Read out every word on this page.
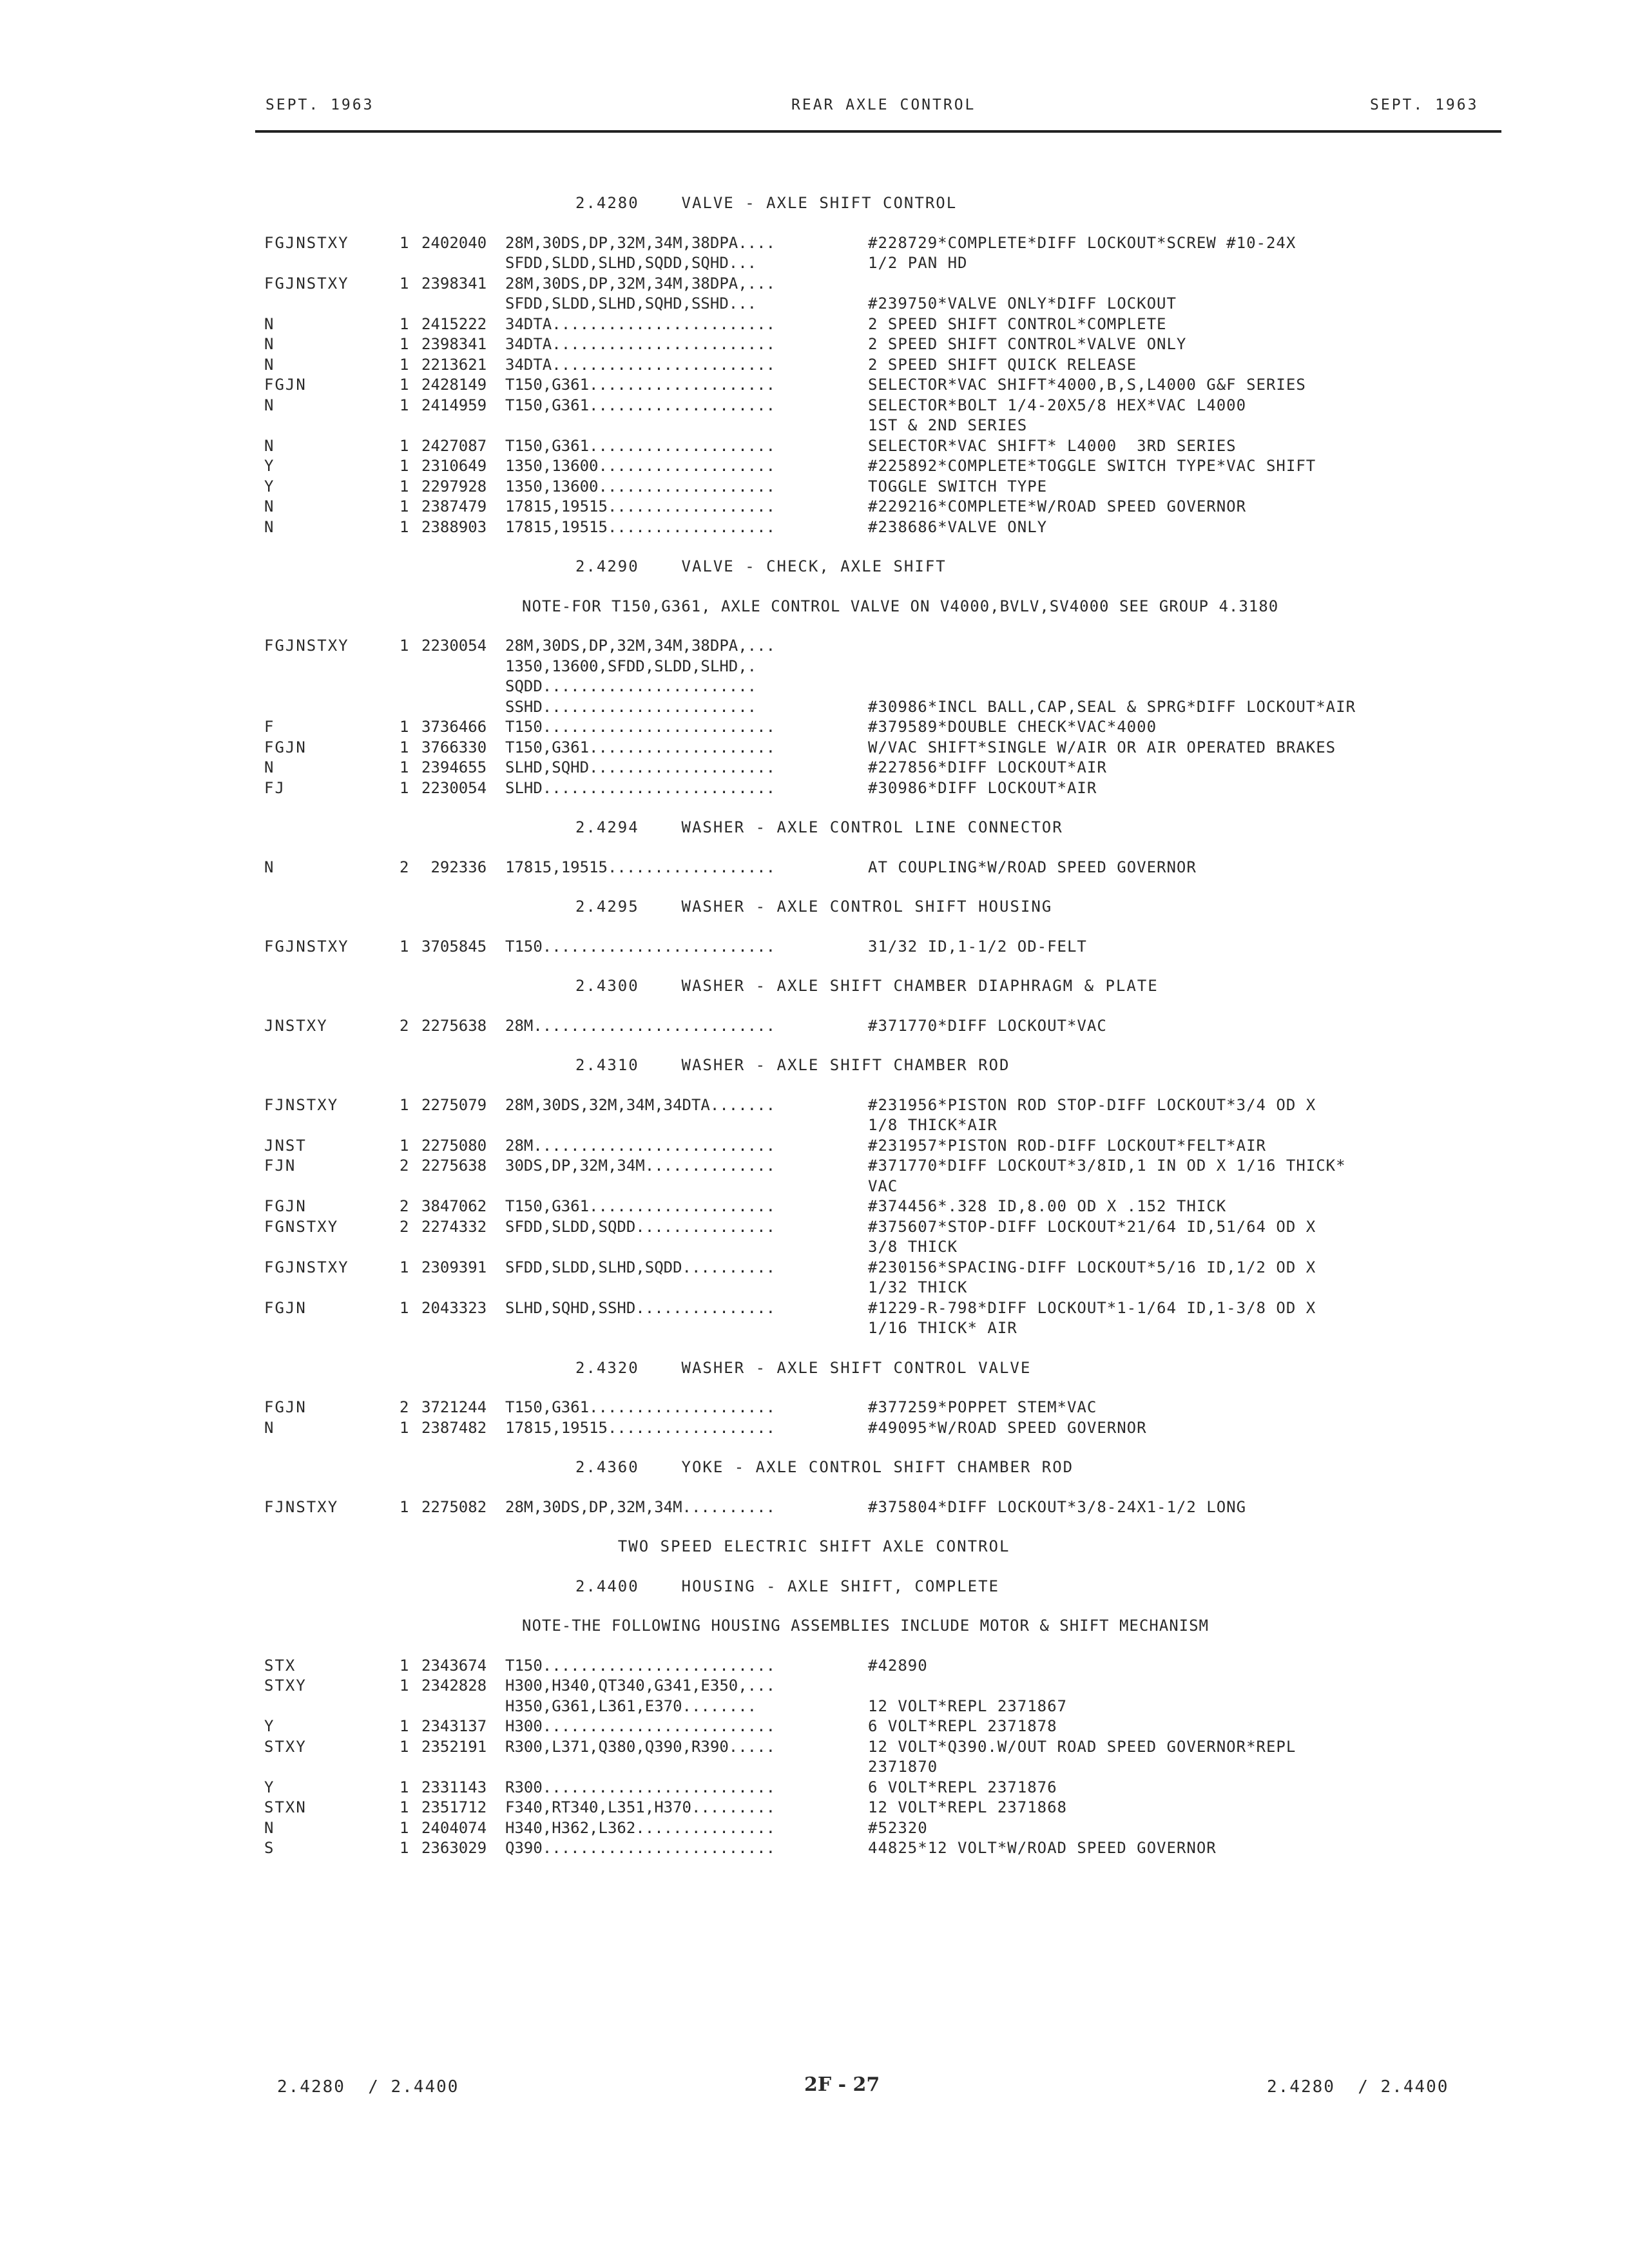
SEPT. 1963	REAR AXLE CONTROL	SEPT. 1963
2.4280    VALVE - AXLE SHIFT CONTROL
FGJNSTXY	1 2402040 28M,30DS,DP,32M,34M,38DPA....	#228729*COMPLETE*DIFF LOCKOUT*SCREW #10-24X
SFDD,SLDD,SLHD,SQDD,SQHD...	1/2 PAN HD
FGJNSTXY	1 2398341 28M,30DS,DP,32M,34M,38DPA,...
SFDD,SLDD,SLHD,SQHD,SSHD...	#239750*VALVE ONLY*DIFF LOCKOUT
N	1 2415222 34DTA........................	2 SPEED SHIFT CONTROL*COMPLETE
N	1 2398341 34DTA........................	2 SPEED SHIFT CONTROL*VALVE ONLY
N	1 2213621 34DTA........................	2 SPEED SHIFT QUICK RELEASE
FGJN	1 2428149 T150,G361....................	SELECTOR*VAC SHIFT*4000,B,S,L4000 G&F SERIES
N	1 2414959 T150,G361....................	SELECTOR*BOLT 1/4-20X5/8 HEX*VAC L4000
1ST & 2ND SERIES
N	1 2427087 T150,G361....................	SELECTOR*VAC SHIFT* L4000  3RD SERIES
Y	1 2310649 1350,13600...................	#225892*COMPLETE*TOGGLE SWITCH TYPE*VAC SHIFT
Y	1 2297928 1350,13600...................	TOGGLE SWITCH TYPE
N	1 2387479 17815,19515..................	#229216*COMPLETE*W/ROAD SPEED GOVERNOR
N	1 2388903 17815,19515..................	#238686*VALVE ONLY
2.4290    VALVE - CHECK, AXLE SHIFT
NOTE-FOR T150,G361, AXLE CONTROL VALVE ON V4000,BVLV,SV4000 SEE GROUP 4.3180
FGJNSTXY	1 2230054 28M,30DS,DP,32M,34M,38DPA,...
1350,13600,SFDD,SLDD,SLHD,.
SQDD.......................
SSHD.......................	#30986*INCL BALL,CAP,SEAL & SPRG*DIFF LOCKOUT*AIR
F	1 3736466 T150.........................	#379589*DOUBLE CHECK*VAC*4000
FGJN	1 3766330 T150,G361....................	W/VAC SHIFT*SINGLE W/AIR OR AIR OPERATED BRAKES
N	1 2394655 SLHD,SQHD....................	#227856*DIFF LOCKOUT*AIR
FJ	1 2230054 SLHD.........................	#30986*DIFF LOCKOUT*AIR
2.4294    WASHER - AXLE CONTROL LINE CONNECTOR
N	2 292336 17815,19515..................	AT COUPLING*W/ROAD SPEED GOVERNOR
2.4295    WASHER - AXLE CONTROL SHIFT HOUSING
FGJNSTXY	1 3705845 T150.........................	31/32 ID,1-1/2 OD-FELT
2.4300    WASHER - AXLE SHIFT CHAMBER DIAPHRAGM & PLATE
JNSTXY	2 2275638 28M..........................	#371770*DIFF LOCKOUT*VAC
2.4310    WASHER - AXLE SHIFT CHAMBER ROD
FJNSTXY	1 2275079 28M,30DS,32M,34M,34DTA.......	#231956*PISTON ROD STOP-DIFF LOCKOUT*3/4 OD X
1/8 THICK*AIR
JNST	1 2275080 28M..........................	#231957*PISTON ROD-DIFF LOCKOUT*FELT*AIR
FJN	2 2275638 30DS,DP,32M,34M..............	#371770*DIFF LOCKOUT*3/8ID,1 IN OD X 1/16 THICK*
VAC
FGJN	2 3847062 T150,G361....................	#374456*.328 ID,8.00 OD X .152 THICK
FGNSTXY	2 2274332 SFDD,SLDD,SQDD...............	#375607*STOP-DIFF LOCKOUT*21/64 ID,51/64 OD X
3/8 THICK
FGJNSTXY	1 2309391 SFDD,SLDD,SLHD,SQDD..........	#230156*SPACING-DIFF LOCKOUT*5/16 ID,1/2 OD X
1/32 THICK
FGJN	1 2043323 SLHD,SQHD,SSHD...............	#1229-R-798*DIFF LOCKOUT*1-1/64 ID,1-3/8 OD X
1/16 THICK* AIR
2.4320    WASHER - AXLE SHIFT CONTROL VALVE
FGJN	2 3721244 T150,G361....................	#377259*POPPET STEM*VAC
N	1 2387482 17815,19515..................	#49095*W/ROAD SPEED GOVERNOR
2.4360    YOKE - AXLE CONTROL SHIFT CHAMBER ROD
FJNSTXY	1 2275082 28M,30DS,DP,32M,34M..........	#375804*DIFF LOCKOUT*3/8-24X1-1/2 LONG
TWO SPEED ELECTRIC SHIFT AXLE CONTROL
2.4400    HOUSING - AXLE SHIFT, COMPLETE
NOTE-THE FOLLOWING HOUSING ASSEMBLIES INCLUDE MOTOR & SHIFT MECHANISM
STX	1 2343674 T150.........................	#42890
STXY	1 2342828 H300,H340,QT340,G341,E350,...
H350,G361,L361,E370........	12 VOLT*REPL 2371867
Y	1 2343137 H300.........................	6 VOLT*REPL 2371878
STXY	1 2352191 R300,L371,Q380,Q390,R390.....	12 VOLT*Q390.W/OUT ROAD SPEED GOVERNOR*REPL
2371870
Y	1 2331143 R300.........................	6 VOLT*REPL 2371876
STXN	1 2351712 F340,RT340,L351,H370.........	12 VOLT*REPL 2371868
N	1 2404074 H340,H362,L362...............	#52320
S	1 2363029 Q390.........................	44825*12 VOLT*W/ROAD SPEED GOVERNOR
2.4280  / 2.4400	2F - 27	2.4280  / 2.4400
